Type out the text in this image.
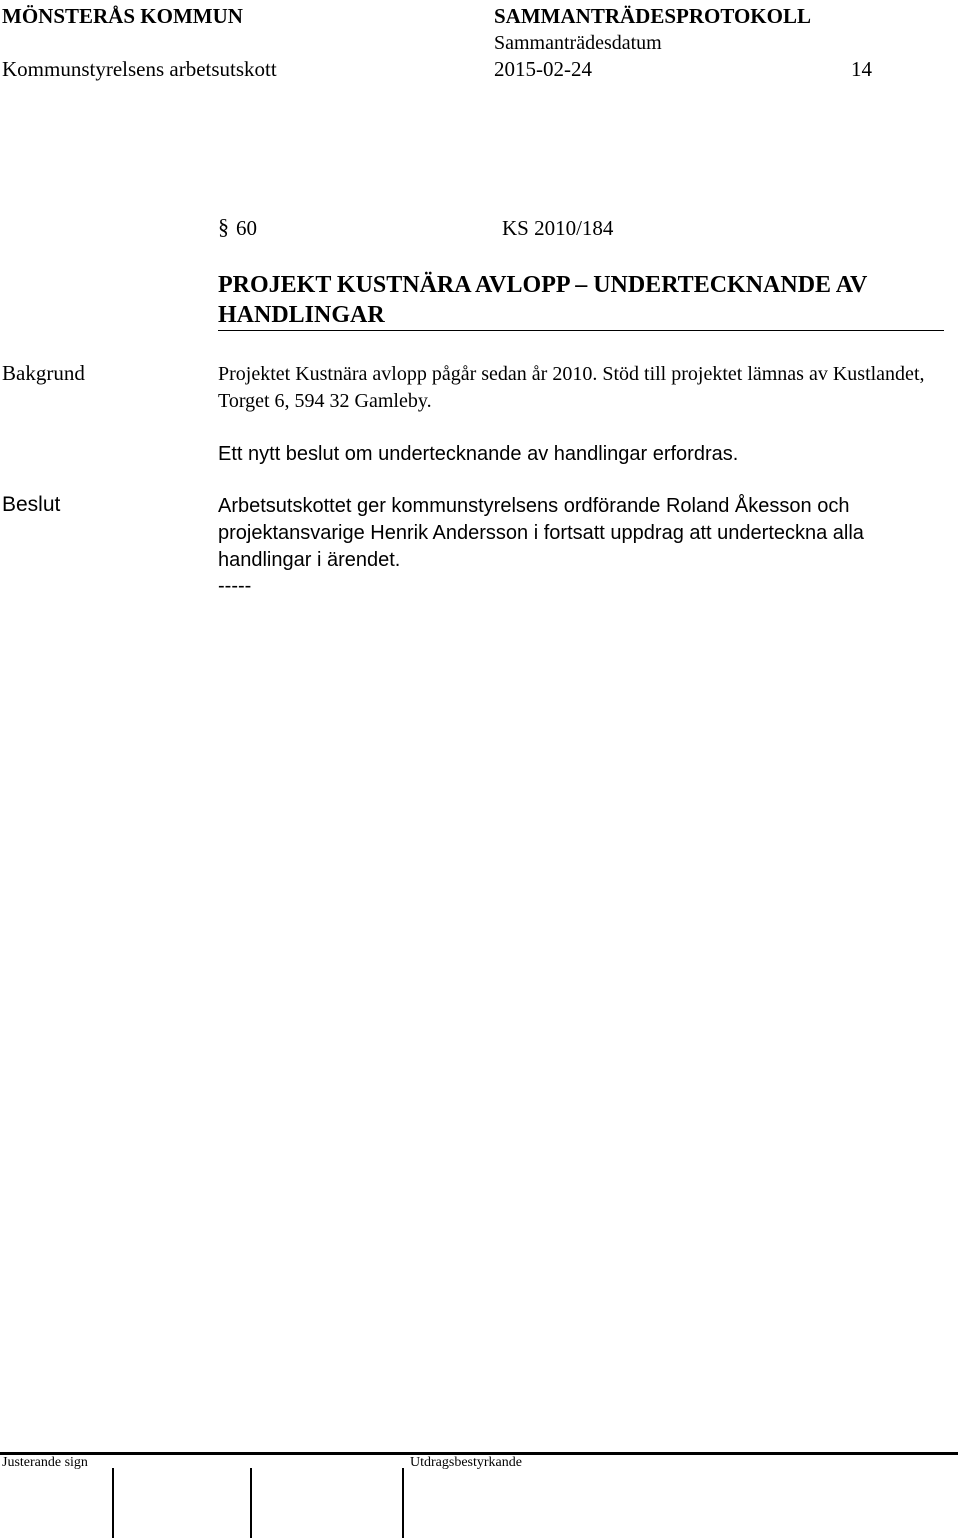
MÖNSTERÅS KOMMUN	SAMMANTRÄDESPROTOKOLL
Sammanträdesdatum
Kommunstyrelsens arbetsutskott	2015-02-24	14
§ 60	KS 2010/184
PROJEKT KUSTNÄRA AVLOPP – UNDERTECKNANDE AV HANDLINGAR
Bakgrund	Projektet Kustnära avlopp pågår sedan år 2010. Stöd till projektet lämnas av Kustlandet, Torget 6, 594 32 Gamleby.
Ett nytt beslut om undertecknande av handlingar erfordras.
Beslut	Arbetsutskottet ger kommunstyrelsens ordförande Roland Åkesson och projektansvarige Henrik Andersson i fortsatt uppdrag att underteckna alla handlingar i ärendet.
-----
Justerande sign	Utdragsbestyrkande
